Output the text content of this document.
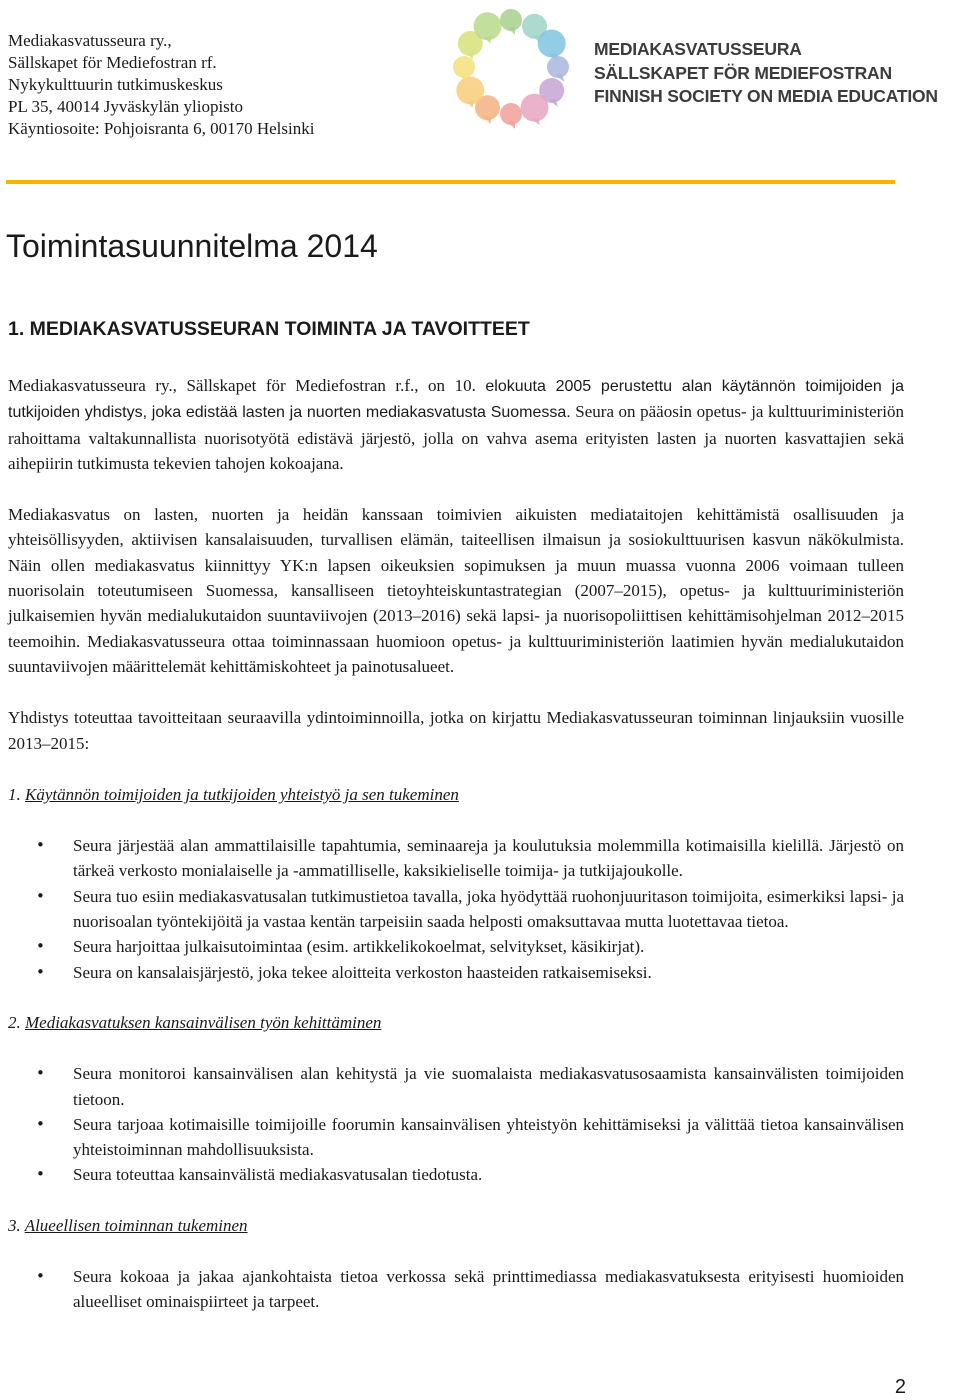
Mediakasvatusseura ry.,
Sällskapet för Mediefostran rf.
Nykykulttuurin tutkimuskeskus
PL 35, 40014 Jyväskylän yliopisto
Käyntiosoite: Pohjoisranta 6, 00170 Helsinki
MEDIAKASVATUSSEURA
SÄLLSKAPET FÖR MEDIEFOSTRAN
FINNISH SOCIETY ON MEDIA EDUCATION
Toimintasuunnitelma 2014
1. MEDIAKASVATUSSEURAN TOIMINTA JA TAVOITTEET

Mediakasvatusseura ry., Sällskapet för Mediefostran r.f., on 10. elokuuta 2005 perustettu alan käytännön toimijoiden ja tutkijoiden yhdistys, joka edistää lasten ja nuorten mediakasvatusta Suomessa. Seura on pääosin opetus- ja kulttuuriministeriön rahoittama valtakunnallista nuorisotyötä edistävä järjestö, jolla on vahva asema erityisten lasten ja nuorten kasvattajien sekä aihepiirin tutkimusta tekevien tahojen kokoajana.

Mediakasvatus on lasten, nuorten ja heidän kanssaan toimivien aikuisten mediataitojen kehittämistä osallisuuden ja yhteisöllisyyden, aktiivisen kansalaisuuden, turvallisen elämän, taiteellisen ilmaisun ja sosiokulttuurisen kasvun näkökulmista. Näin ollen mediakasvatus kiinnittyy YK:n lapsen oikeuksien sopimuksen ja muun muassa vuonna 2006 voimaan tulleen nuorisolain toteutumiseen Suomessa, kansalliseen tietoyhteiskuntastrategian (2007–2015), opetus- ja kulttuuriministeriön julkaisemien hyvän medialukutaidon suuntaviivojen (2013–2016) sekä lapsi- ja nuorisopoliittisen kehittämisohjelman 2012–2015 teemoihin. Mediakasvatusseura ottaa toiminnassaan huomioon opetus- ja kulttuuriministeriön laatimien hyvän medialukutaidon suuntaviivojen määrittelemät kehittämiskohteet ja painotusalueet.

Yhdistys toteuttaa tavoitteitaan seuraavilla ydintoiminnoilla, jotka on kirjattu Mediakasvatusseuran toiminnan linjauksiin vuosille 2013–2015:

1. Käytännön toimijoiden ja tutkijoiden yhteistyö ja sen tukeminen

• Seura järjestää alan ammattilaisille tapahtumia, seminaareja ja koulutuksia molemmilla kotimaisilla kielillä. Järjestö on tärkeä verkosto monialaiselle ja -ammatilliselle, kaksikieliselle toimija- ja tutkijajoukolle.
• Seura tuo esiin mediakasvatusalan tutkimustietoa tavalla, joka hyödyttää ruohonjuuritason toimijoita, esimerkiksi lapsi- ja nuorisoalan työntekijöitä ja vastaa kentän tarpeisiin saada helposti omaksuttavaa mutta luotettavaa tietoa.
• Seura harjoittaa julkaisutoimintaa (esim. artikkelikokoelmat, selvitykset, käsikirjat).
• Seura on kansalaisjärjestö, joka tekee aloitteita verkoston haasteiden ratkaisemiseksi.

2. Mediakasvatuksen kansainvälisen työn kehittäminen

• Seura monitoroi kansainvälisen alan kehitystä ja vie suomalaista mediakasvatusosaamista kansainvälisten toimijoiden tietoon.
• Seura tarjoaa kotimaisille toimijoille foorumin kansainvälisen yhteistyön kehittämiseksi ja välittää tietoa kansainvälisen yhteistoiminnan mahdollisuuksista.
• Seura toteuttaa kansainvälistä mediakasvatusalan tiedotusta.

3. Alueellisen toiminnan tukeminen

• Seura kokoaa ja jakaa ajankohtaista tietoa verkossa sekä printtimediassa mediakasvatuksesta erityisesti huomioiden alueelliset ominaispiirteet ja tarpeet.
2
